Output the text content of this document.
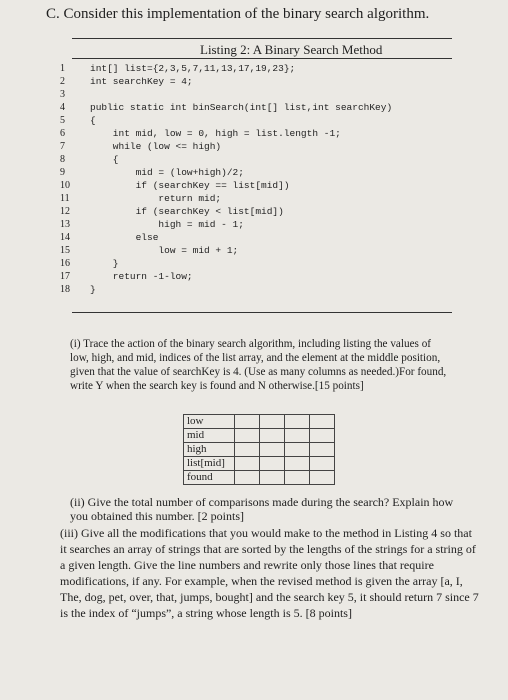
C. Consider this implementation of the binary search algorithm.
Listing 2: A Binary Search Method
1	int[] list={2,3,5,7,11,13,17,19,23};
2	int searchKey = 4;
3
4	public static int binSearch(int[] list,int searchKey)
5	{
6	int mid, low = 0, high = list.length -1;
7	while (low <= high)
8	{
9	mid = (low+high)/2;
10	if (searchKey == list[mid])
11	return mid;
12	if (searchKey < list[mid])
13	high = mid - 1;
14	else
15	low = mid + 1;
16	}
17	return -1-low;
18	}
(i) Trace the action of the binary search algorithm, including listing the values of low, high, and mid, indices of the list array, and the element at the middle position, given that the value of searchKey is 4. (Use as many columns as needed.)For found, write Y when the search key is found and N otherwise.[15 points]
low				
mid				
high				
list[mid]				
found				
(ii) Give the total number of comparisons made during the search? Explain how you obtained this number. [2 points]
(iii) Give all the modifications that you would make to the method in Listing 4 so that it searches an array of strings that are sorted by the lengths of the strings for a string of a given length. Give the line numbers and rewrite only those lines that require modifications, if any. For example, when the revised method is given the array [a, I, The, dog, pet, over, that, jumps, bought] and the search key 5, it should return 7 since 7 is the index of “jumps”, a string whose length is 5. [8 points]
